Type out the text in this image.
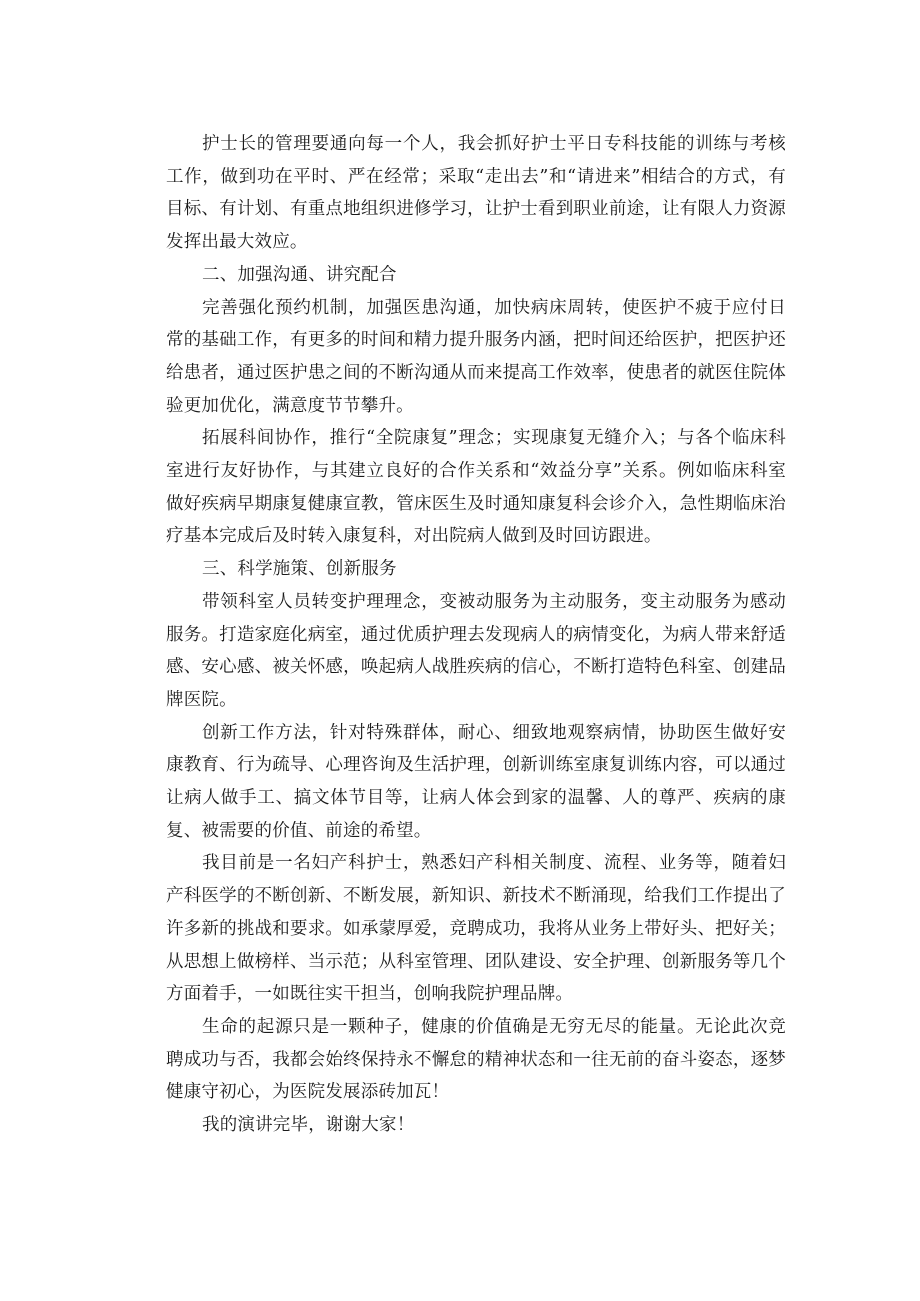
护士长的管理要通向每一个人，我会抓好护士平日专科技能的训练与考核工作，做到功在平时、严在经常；采取“走出去”和“请进来”相结合的方式，有目标、有计划、有重点地组织进修学习，让护士看到职业前途，让有限人力资源发挥出最大效应。

二、加强沟通、讲究配合

完善强化预约机制，加强医患沟通，加快病床周转，使医护不疲于应付日常的基础工作，有更多的时间和精力提升服务内涵，把时间还给医护，把医护还给患者，通过医护患之间的不断沟通从而来提高工作效率，使患者的就医住院体验更加优化，满意度节节攀升。

拓展科间协作，推行“全院康复”理念；实现康复无缝介入；与各个临床科室进行友好协作，与其建立良好的合作关系和“效益分享”关系。例如临床科室做好疾病早期康复健康宣教，管床医生及时通知康复科会诊介入，急性期临床治疗基本完成后及时转入康复科，对出院病人做到及时回访跟进。

三、科学施策、创新服务

带领科室人员转变护理理念，变被动服务为主动服务，变主动服务为感动服务。打造家庭化病室，通过优质护理去发现病人的病情变化，为病人带来舒适感、安心感、被关怀感，唤起病人战胜疾病的信心，不断打造特色科室、创建品牌医院。

创新工作方法，针对特殊群体，耐心、细致地观察病情，协助医生做好安康教育、行为疏导、心理咨询及生活护理，创新训练室康复训练内容，可以通过让病人做手工、搞文体节目等，让病人体会到家的温馨、人的尊严、疾病的康复、被需要的价值、前途的希望。

我目前是一名妇产科护士，熟悉妇产科相关制度、流程、业务等，随着妇产科医学的不断创新、不断发展，新知识、新技术不断涌现，给我们工作提出了许多新的挑战和要求。如承蒙厚爱，竞聘成功，我将从业务上带好头、把好关；从思想上做榜样、当示范；从科室管理、团队建设、安全护理、创新服务等几个方面着手，一如既往实干担当，创响我院护理品牌。

生命的起源只是一颗种子，健康的价值确是无穷无尽的能量。无论此次竞聘成功与否，我都会始终保持永不懈怠的精神状态和一往无前的奋斗姿态，逐梦健康守初心，为医院发展添砖加瓦！

我的演讲完毕，谢谢大家！
